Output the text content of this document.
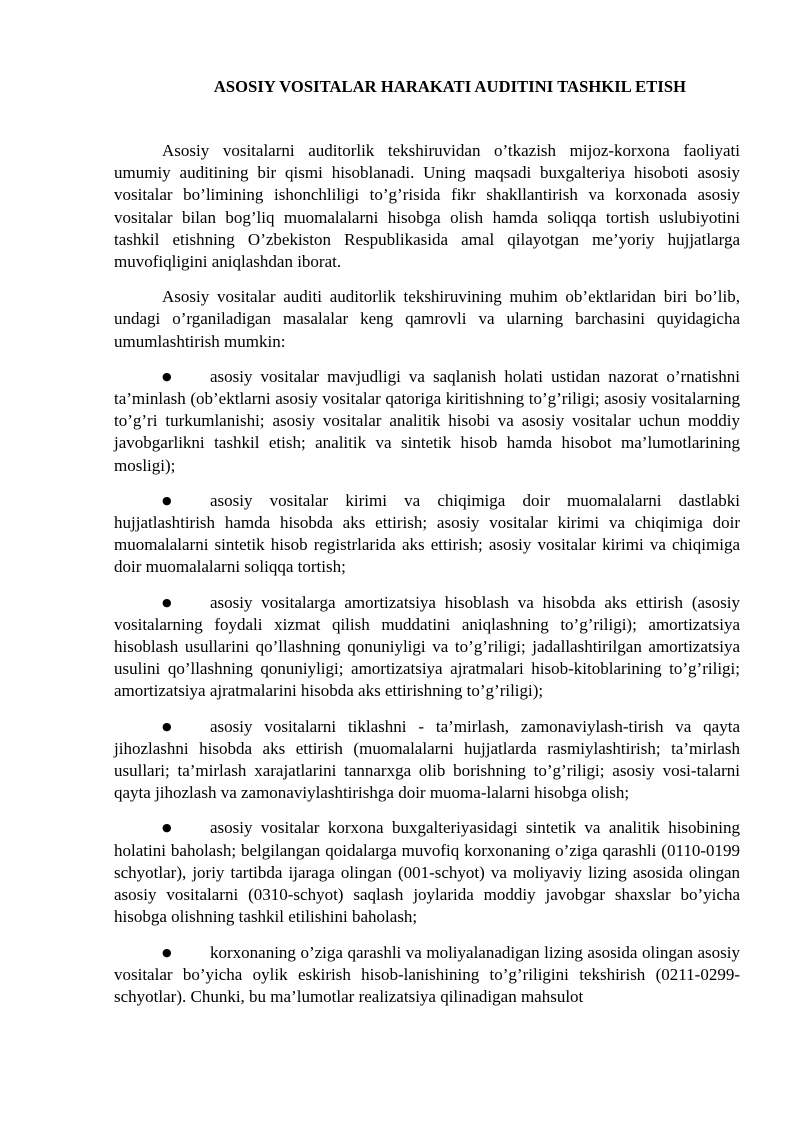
ASOSIY VOSITALAR HARAKATI AUDITINI TASHKIL ETISH

Asosiy vositalarni auditorlik tekshiruvidan o’tkazish mijoz-korxona faoliyati umumiy auditining bir qismi hisoblanadi. Uning maqsadi buxgalteriya hisoboti asosiy vositalar bo’limining ishonchliligi to’g’risida fikr shakllantirish va korxonada asosiy vositalar bilan bog’liq muomalalarni hisobga olish hamda soliqqa tortish uslubiyotini tashkil etishning O’zbekiston Respublikasida amal qilayotgan me’yoriy hujjatlarga muvofiqligini aniqlashdan iborat.

Asosiy vositalar auditi auditorlik tekshiruvining muhim ob’ektlaridan biri bo’lib, undagi o’rganiladigan masalalar keng qamrovli va ularning barchasini quyidagicha umumlashtirish mumkin:

● asosiy vositalar mavjudligi va saqlanish holati ustidan nazorat o’rnatishni ta’minlash (ob’ektlarni asosiy vositalar qatoriga kiritishning to’g’riligi; asosiy vositalarning to’g’ri turkumlanishi; asosiy vositalar analitik hisobi va asosiy vositalar uchun moddiy javobgarlikni tashkil etish; analitik va sintetik hisob hamda hisobot ma’lumotlarining mosligi);

● asosiy vositalar kirimi va chiqimiga doir muomalalarni dastlabki hujjatlashtirish hamda hisobda aks ettirish; asosiy vositalar kirimi va chiqimiga doir muomalalarni sintetik hisob registrlarida aks ettirish; asosiy vositalar kirimi va chiqimiga doir muomalalarni soliqqa tortish;

● asosiy vositalarga amortizatsiya hisoblash va hisobda aks ettirish (asosiy vositalarning foydali xizmat qilish muddatini aniqlashning to’g’riligi); amortizatsiya hisoblash usullarini qo’llashning qonuniyligi va to’g’riligi; jadallashtirilgan amortizatsiya usulini qo’llashning qonuniyligi; amortizatsiya ajratmalari hisob-kitoblarining to’g’riligi; amortizatsiya ajratmalarini hisobda aks ettirishning to’g’riligi);

● asosiy vositalarni tiklashni - ta’mirlash, zamonaviylash-tirish va qayta jihozlashni hisobda aks ettirish (muomalalarni hujjatlarda rasmiylashtirish; ta’mirlash usullari; ta’mirlash xarajatlarini tannarxga olib borishning to’g’riligi; asosiy vosi-talarni qayta jihozlash va zamonaviylashtirishga doir muoma-lalarni hisobga olish;

● asosiy vositalar korxona buxgalteriyasidagi sintetik va analitik hisobining holatini baholash; belgilangan qoidalarga muvofiq korxonaning o’ziga qarashli (0110-0199 schyotlar), joriy tartibda ijaraga olingan (001-schyot) va moliyaviy lizing asosida olingan asosiy vositalarni (0310-schyot) saqlash joylarida moddiy javobgar shaxslar bo’yicha hisobga olishning tashkil etilishini baholash;

● korxonaning o’ziga qarashli va moliyalanadigan lizing asosida olingan asosiy vositalar bo’yicha oylik eskirish hisob-lanishining to’g’riligini tekshirish (0211-0299-schyotlar). Chunki, bu ma’lumotlar realizatsiya qilinadigan mahsulot
